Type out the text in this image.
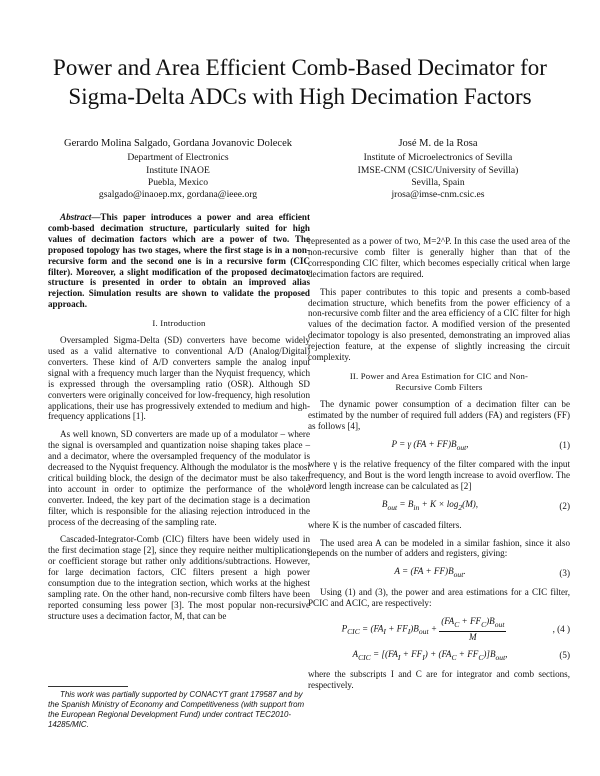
Power and Area Efficient Comb-Based Decimator for
Sigma-Delta ADCs with High Decimation Factors
Gerardo Molina Salgado, Gordana Jovanovic Dolecek
Department of Electronics
Institute INAOE
Puebla, Mexico
gsalgado@inaoep.mx, gordana@ieee.org
José M. de la Rosa
Institute of Microelectronics of Sevilla
IMSE-CNM (CSIC/University of Sevilla)
Sevilla, Spain
jrosa@imse-cnm.csic.es

Abstract—This paper introduces a power and area efficient comb-based decimation structure, particularly suited for high values of decimation factors which are a power of two. The proposed topology has two stages, where the first stage is in a non-recursive form and the second one is in a recursive form (CIC filter). Moreover, a slight modification of the proposed decimator structure is presented in order to obtain an improved alias rejection. Simulation results are shown to validate the proposed approach.

I. Introduction

Oversampled Sigma-Delta (SD) converters have become widely used as a valid alternative to conventional A/D (Analog/Digital) converters. These kind of A/D converters sample the analog input signal with a frequency much larger than the Nyquist frequency, which is expressed through the oversampling ratio (OSR). Although SD converters were originally conceived for low-frequency, high resolution applications, their use has progressively extended to medium and high-frequency applications [1].

As well known, SD converters are made up of a modulator – where the signal is oversampled and quantization noise shaping takes place – and a decimator, where the oversampled frequency of the modulator is decreased to the Nyquist frequency. Although the modulator is the most critical building block, the design of the decimator must be also taken into account in order to optimize the performance of the whole converter. Indeed, the key part of the decimation stage is a decimation filter, which is responsible for the aliasing rejection introduced in the process of the decreasing of the sampling rate.

Cascaded-Integrator-Comb (CIC) filters have been widely used in the first decimation stage [2], since they require neither multiplications or coefficient storage but rather only additions/subtractions. However, for large decimation factors, CIC filters present a high power consumption due to the integration section, which works at the highest sampling rate. On the other hand, non-recursive comb filters have been reported consuming less power [3]. The most popular non-recursive structure uses a decimation factor, M, that can be

represented as a power of two, M=2^P. In this case the used area of the non-recursive comb filter is generally higher than that of the corresponding CIC filter, which becomes especially critical when large decimation factors are required.

This paper contributes to this topic and presents a comb-based decimation structure, which benefits from the power efficiency of a non-recursive comb filter and the area efficiency of a CIC filter for high values of the decimation factor. A modified version of the presented decimator topology is also presented, demonstrating an improved alias rejection feature, at the expense of slightly increasing the circuit complexity.

II. Power and Area Estimation for CIC and Non-
Recursive Comb Filters

The dynamic power consumption of a decimation filter can be estimated by the number of required full adders (FA) and registers (FF) as follows [4],

P = γ $(FA + FF)B_{out}$,	(1)

where γ is the relative frequency of the filter compared with the input frequency, and Bout is the word length increase to avoid overflow. The word length increase can be calculated as [2]

$B_{out} = B_{in} + K \times \log_2(M)$,	(2)

where K is the number of cascaded filters.

The used area A can be modeled in a similar fashion, since it also depends on the number of adders and registers, giving:

$A = (FA + FF)B_{out}$.	(3)

Using (1) and (3), the power and area estimations for a CIC filter, PCIC and ACIC, are respectively:

$P_{CIC} = (FA_I + FF_I)B_{out} + \frac{(FA_C + FF_C)B_{out}}{M}$	, (4 )
$A_{CIC} = [(FA_I + FF_I) + (FA_C + FF_C)]B_{out}$,	(5)

where the subscripts I and C are for integrator and comb sections, respectively.

This work was partially supported by CONACYT grant 179587 and by the Spanish Ministry of Economy and Competitiveness (with support from the European Regional Development Fund) under contract TEC2010-14285/MIC.
